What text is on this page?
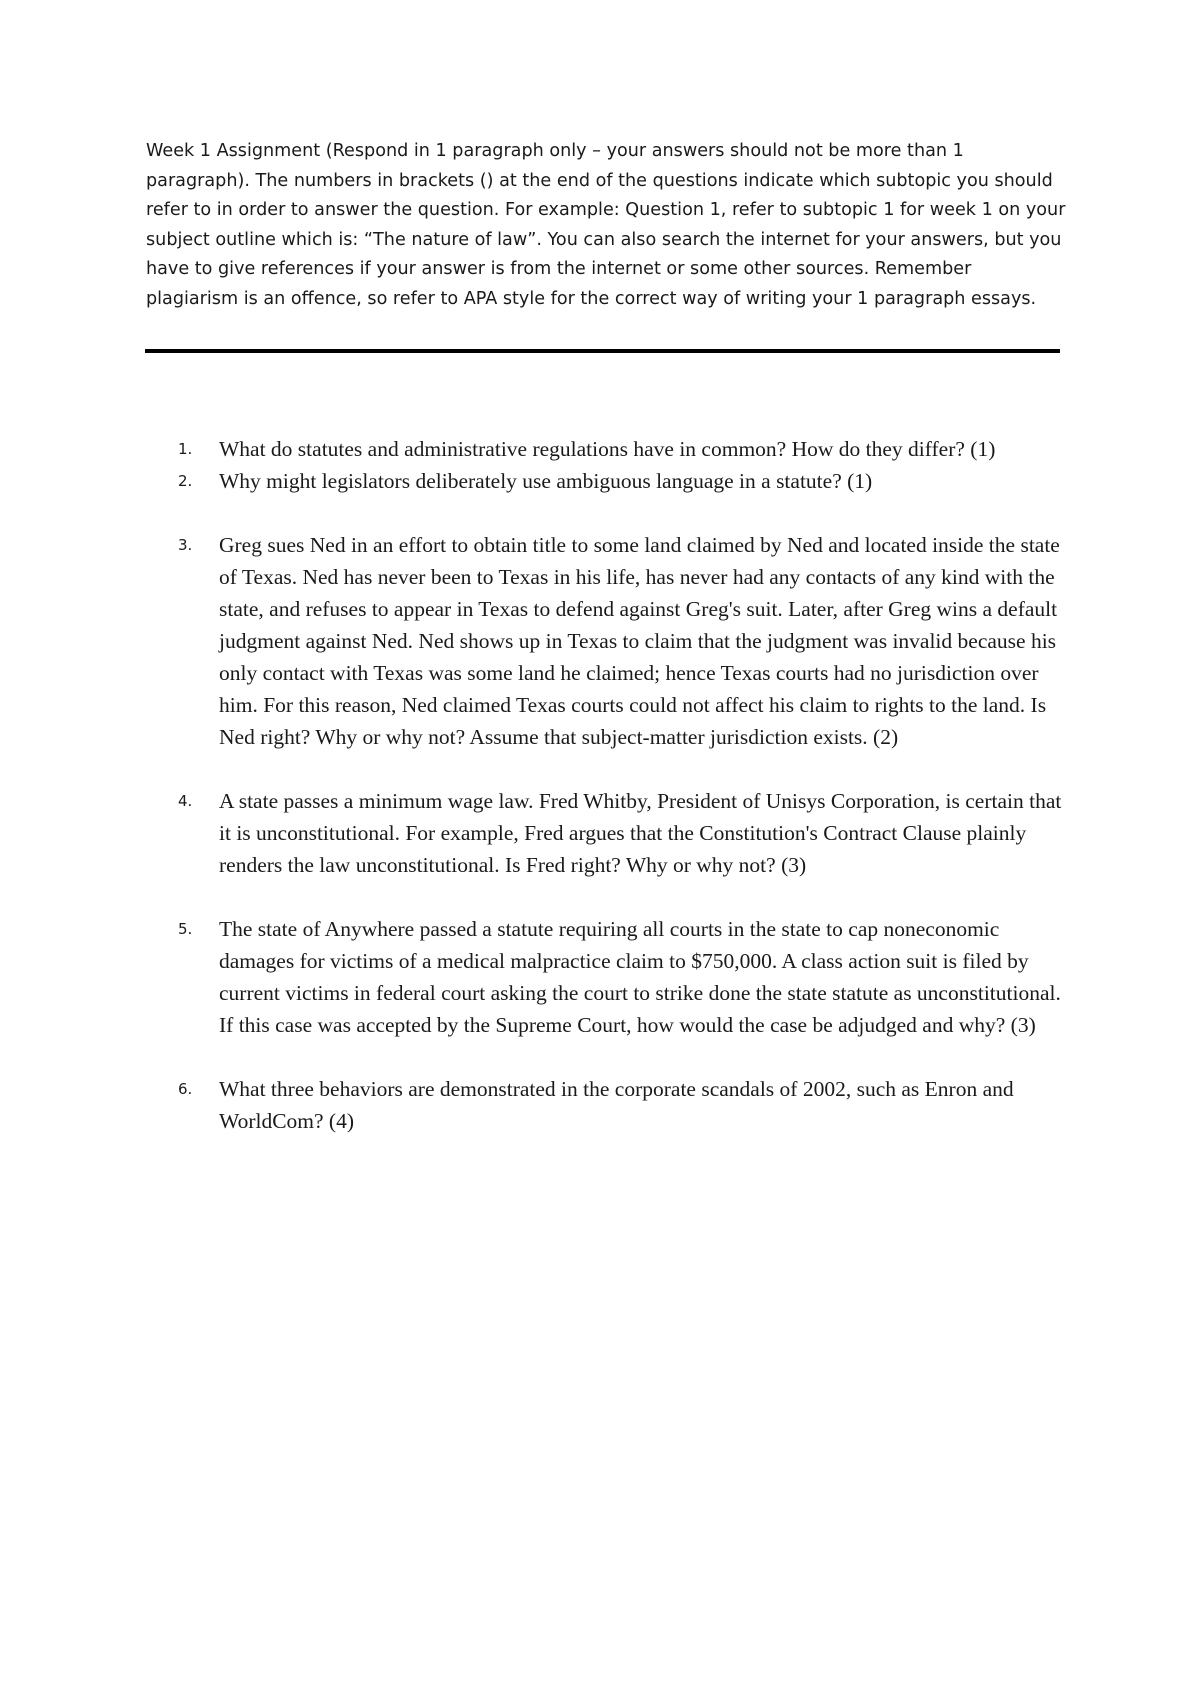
Week 1 Assignment (Respond in 1 paragraph only – your answers should not be more than 1 paragraph). The numbers in brackets () at the end of the questions indicate which subtopic you should refer to in order to answer the question. For example: Question 1, refer to subtopic 1 for week 1 on your subject outline which is: “The nature of law”. You can also search the internet for your answers, but you have to give references if your answer is from the internet or some other sources. Remember plagiarism is an offence, so refer to APA style for the correct way of writing your 1 paragraph essays.

1. What do statutes and administrative regulations have in common? How do they differ? (1)
2. Why might legislators deliberately use ambiguous language in a statute? (1)
3. Greg sues Ned in an effort to obtain title to some land claimed by Ned and located inside the state of Texas. Ned has never been to Texas in his life, has never had any contacts of any kind with the state, and refuses to appear in Texas to defend against Greg's suit. Later, after Greg wins a default judgment against Ned. Ned shows up in Texas to claim that the judgment was invalid because his only contact with Texas was some land he claimed; hence Texas courts had no jurisdiction over him. For this reason, Ned claimed Texas courts could not affect his claim to rights to the land. Is Ned right? Why or why not? Assume that subject-matter jurisdiction exists. (2)
4. A state passes a minimum wage law. Fred Whitby, President of Unisys Corporation, is certain that it is unconstitutional. For example, Fred argues that the Constitution's Contract Clause plainly renders the law unconstitutional. Is Fred right? Why or why not? (3)
5. The state of Anywhere passed a statute requiring all courts in the state to cap noneconomic damages for victims of a medical malpractice claim to $750,000. A class action suit is filed by current victims in federal court asking the court to strike done the state statute as unconstitutional. If this case was accepted by the Supreme Court, how would the case be adjudged and why? (3)
6. What three behaviors are demonstrated in the corporate scandals of 2002, such as Enron and WorldCom? (4)
